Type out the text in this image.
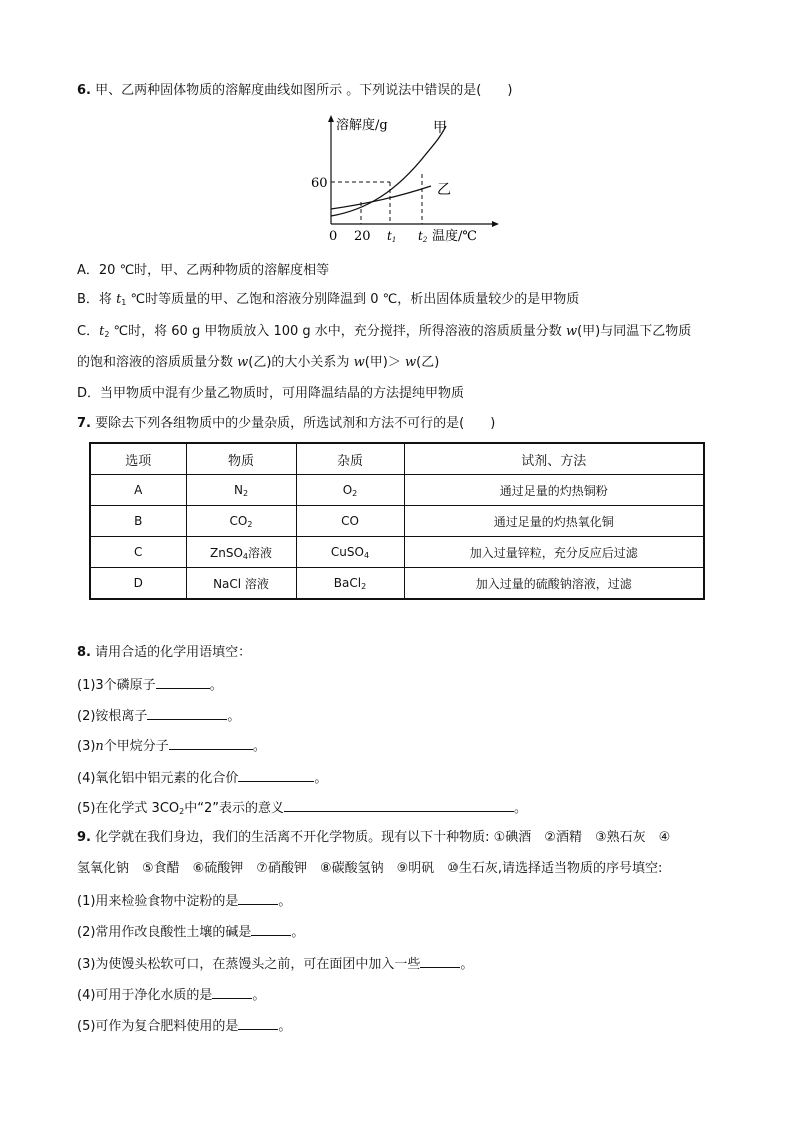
6. 甲、乙两种固体物质的溶解度曲线如图所示 。下列说法中错误的是(　　)
溶解度/g
温度/℃
60
0 20 t1 t2
甲
乙
A．20 ℃时，甲、乙两种物质的溶解度相等
B．将 $t_1$ ℃时等质量的甲、乙饱和溶液分别降温到 0 ℃，析出固体质量较少的是甲物质
C．$t_2$ ℃时，将 60 g 甲物质放入 100 g 水中，充分搅拌，所得溶液的溶质质量分数 w(甲)与同温下乙物质
的饱和溶液的溶质质量分数 w(乙)的大小关系为 w(甲)＞ w(乙)
D．当甲物质中混有少量乙物质时，可用降温结晶的方法提纯甲物质
7. 要除去下列各组物质中的少量杂质，所选试剂和方法不可行的是(　　)
选项	物质	杂质	试剂、方法
A	$N_2$	$O_2$	通过足量的灼热铜粉
B	$CO_2$	CO	通过足量的灼热氧化铜
C	ZnSO$_4$溶液	CuSO$_4$	加入过量锌粒，充分反应后过滤
D	NaCl 溶液	BaCl$_2$	加入过量的硫酸钠溶液，过滤
8. 请用合适的化学用语填空：
(1)3个磷原子	。
(2)铵根离子	。
(3)n个甲烷分子	。
(4)氧化铝中铝元素的化合价	。
(5)在化学式 $3CO_2$中“2”表示的意义	。
9. 化学就在我们身边，我们的生活离不开化学物质。现有以下十种物质: ①碘酒　②酒精　③熟石灰　④
氢氧化钠　⑤食醋　⑥硫酸钾　⑦硝酸钾　⑧碳酸氢钠　⑨明矾　⑩生石灰,请选择适当物质的序号填空:
(1)用来检验食物中淀粉的是	。
(2)常用作改良酸性土壤的碱是	。
(3)为使馒头松软可口，在蒸馒头之前，可在面团中加入一些	。
(4)可用于净化水质的是	。
(5)可作为复合肥料使用的是	。
